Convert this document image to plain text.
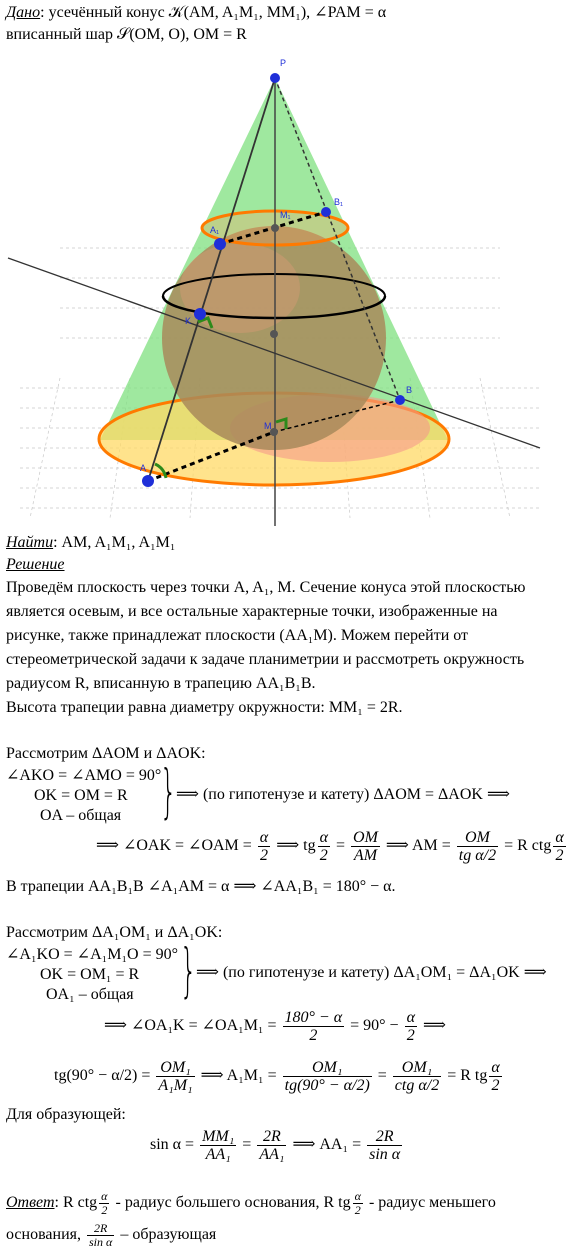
Дано: усечённый конус 𝒦(AM, A₁M₁, MM₁), ∠PAM = α
вписанный шар 𝒮(OM, O), OM = R
P
A
A₁
B₁
B
M
M₁
K
Найти: AM, A₁M₁, A₁M₁
Решение
Проведём плоскость через точки A, A₁, M. Сечение конуса этой плоскостью является осевым, и все остальные характерные точки, изображенные на рисунке, также принадлежат плоскости (AA₁M). Можем перейти от стереометрической задачи к задаче планиметрии и рассмотреть окружность радиусом R, вписанную в трапецию AA₁B₁B.
Высота трапеции равна диаметру окружности: MM₁ = 2R.
Рассмотрим ΔAOM и ΔAOK:
∠AKO = ∠AMO = 90°
OK = OM = R
OA – общая } ⟹ (по гипотенузе и катету) ΔAOM = ΔAOK ⟹
⟹ ∠OAK = ∠OAM = $\frac{\alpha}{2}$ ⟹ tg $\frac{\alpha}{2} = \frac{OM}{AM}$ ⟹ AM = $\frac{OM}{\text{tg α/2}} = R$ ctg $\frac{\alpha}{2}$
В трапеции AA₁B₁B ∠A₁AM = α ⟹ ∠AA₁B₁ = 180° − α.
Рассмотрим ΔA₁OM₁ и ΔA₁OK:
∠A₁KO = ∠A₁M₁O = 90°
OK = OM₁ = R
OA₁ – общая } ⟹ (по гипотенузе и катету) ΔA₁OM₁ = ΔA₁OK ⟹
⟹ ∠OA₁K = ∠OA₁M₁ = $\frac{180^\circ - \alpha}{2} = 90^\circ - \frac{\alpha}{2}$ ⟹
$tg(90^\circ - \alpha/2) = \frac{\text{OM₁}}{\text{A₁M₁}}$ ⟹ $A_1M_1 = \frac{\text{OM₁}}{tg(90^\circ - \alpha/2)} = \frac{\text{OM₁}}{\text{ctg α/2}} = R$ tg $\frac{\alpha}{2}$
Для образующей:
$\sin \alpha = \frac{\text{MM₁}}{\text{AA₁}} = \frac{2R}{\text{AA₁}}$ ⟹ $AA_1 = \frac{2R}{\text{sin α}}$
Ответ: R ctg $\frac{\alpha}{2}$ - радиус большего основания, R tg $\frac{\alpha}{2}$ - радиус меньшего
основания, $\frac{2R}{\text{sin α}}$ – образующая
